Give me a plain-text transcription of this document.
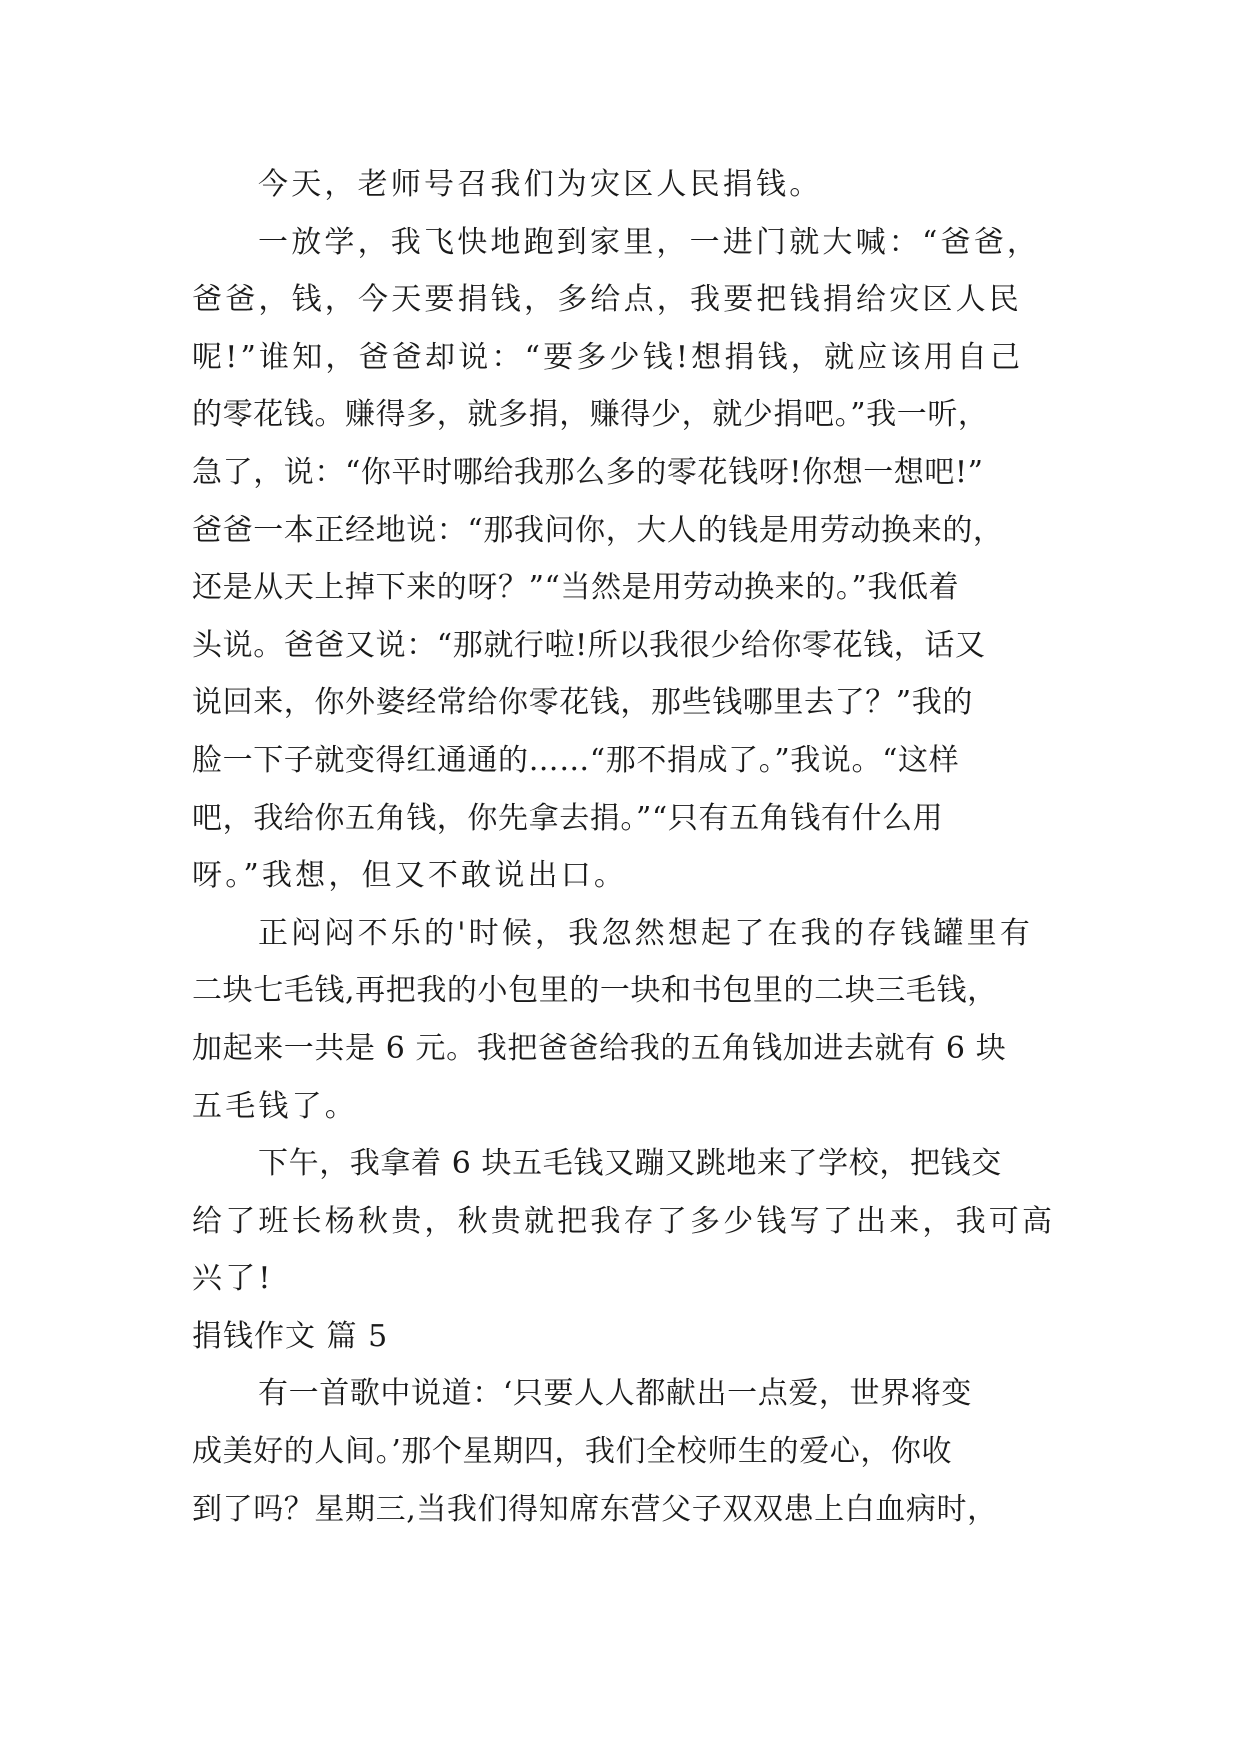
今天，老师号召我们为灾区人民捐钱。
一放学，我飞快地跑到家里，一进门就大喊：“爸爸，
爸爸，钱，今天要捐钱，多给点，我要把钱捐给灾区人民
呢!”谁知，爸爸却说：“要多少钱!想捐钱，就应该用自己
的零花钱。赚得多，就多捐，赚得少，就少捐吧。”我一听，
急了，说：“你平时哪给我那么多的零花钱呀!你想一想吧!”
爸爸一本正经地说：“那我问你，大人的钱是用劳动换来的，
还是从天上掉下来的呀？”“当然是用劳动换来的。”我低着
头说。爸爸又说：“那就行啦!所以我很少给你零花钱，话又
说回来，你外婆经常给你零花钱，那些钱哪里去了？”我的
脸一下子就变得红通通的……“那不捐成了。”我说。“这样
吧，我给你五角钱，你先拿去捐。”“只有五角钱有什么用
呀。”我想，但又不敢说出口。
正闷闷不乐的'时候，我忽然想起了在我的存钱罐里有
二块七毛钱,再把我的小包里的一块和书包里的二块三毛钱，
加起来一共是 6 元。我把爸爸给我的五角钱加进去就有 6 块
五毛钱了。
下午，我拿着 6 块五毛钱又蹦又跳地来了学校，把钱交
给了班长杨秋贵，秋贵就把我存了多少钱写了出来，我可高
兴了!
捐钱作文 篇 5
有一首歌中说道：‘只要人人都献出一点爱，世界将变
成美好的人间。’那个星期四，我们全校师生的爱心，你收
到了吗？星期三,当我们得知席东营父子双双患上白血病时，
